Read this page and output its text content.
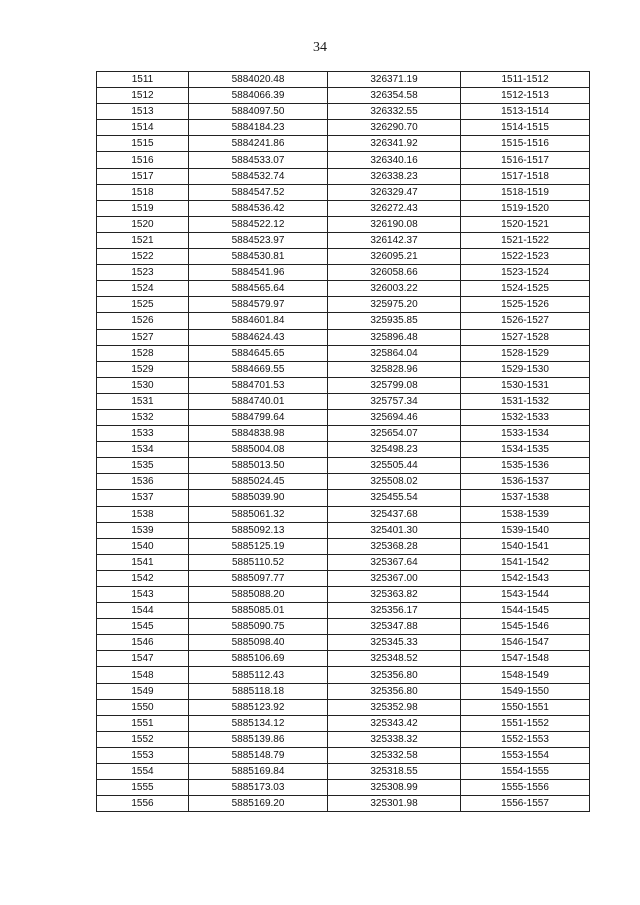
34
1511	5884020.48	326371.19	1511-1512
1512	5884066.39	326354.58	1512-1513
1513	5884097.50	326332.55	1513-1514
1514	5884184.23	326290.70	1514-1515
1515	5884241.86	326341.92	1515-1516
1516	5884533.07	326340.16	1516-1517
1517	5884532.74	326338.23	1517-1518
1518	5884547.52	326329.47	1518-1519
1519	5884536.42	326272.43	1519-1520
1520	5884522.12	326190.08	1520-1521
1521	5884523.97	326142.37	1521-1522
1522	5884530.81	326095.21	1522-1523
1523	5884541.96	326058.66	1523-1524
1524	5884565.64	326003.22	1524-1525
1525	5884579.97	325975.20	1525-1526
1526	5884601.84	325935.85	1526-1527
1527	5884624.43	325896.48	1527-1528
1528	5884645.65	325864.04	1528-1529
1529	5884669.55	325828.96	1529-1530
1530	5884701.53	325799.08	1530-1531
1531	5884740.01	325757.34	1531-1532
1532	5884799.64	325694.46	1532-1533
1533	5884838.98	325654.07	1533-1534
1534	5885004.08	325498.23	1534-1535
1535	5885013.50	325505.44	1535-1536
1536	5885024.45	325508.02	1536-1537
1537	5885039.90	325455.54	1537-1538
1538	5885061.32	325437.68	1538-1539
1539	5885092.13	325401.30	1539-1540
1540	5885125.19	325368.28	1540-1541
1541	5885110.52	325367.64	1541-1542
1542	5885097.77	325367.00	1542-1543
1543	5885088.20	325363.82	1543-1544
1544	5885085.01	325356.17	1544-1545
1545	5885090.75	325347.88	1545-1546
1546	5885098.40	325345.33	1546-1547
1547	5885106.69	325348.52	1547-1548
1548	5885112.43	325356.80	1548-1549
1549	5885118.18	325356.80	1549-1550
1550	5885123.92	325352.98	1550-1551
1551	5885134.12	325343.42	1551-1552
1552	5885139.86	325338.32	1552-1553
1553	5885148.79	325332.58	1553-1554
1554	5885169.84	325318.55	1554-1555
1555	5885173.03	325308.99	1555-1556
1556	5885169.20	325301.98	1556-1557
